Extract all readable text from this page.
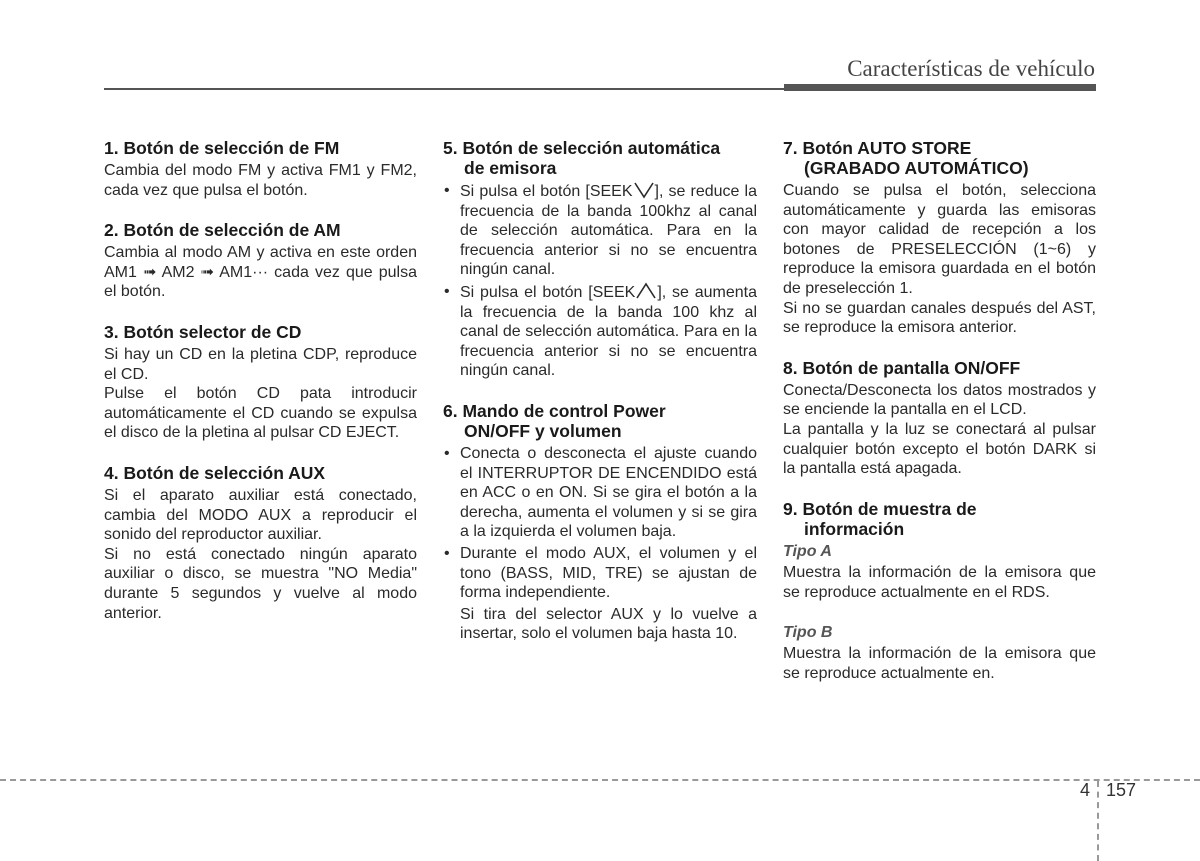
Características de vehículo
1. Botón de selección de FM

Cambia del modo FM y activa FM1 y FM2, cada vez que pulsa el botón.

2. Botón de selección de AM

Cambia al modo AM y activa en este orden AM1 ➟ AM2 ➟ AM1··· cada vez que pulsa el botón.

3. Botón selector de CD

Si hay un CD en la pletina CDP, reproduce el CD.

Pulse el botón CD pata introducir automáticamente el CD cuando se expulsa el disco de la pletina al pulsar CD EJECT.

4. Botón de selección AUX

Si el aparato auxiliar está conectado, cambia del MODO AUX a reproducir el sonido del reproductor auxiliar.

Si no está conectado ningún aparato auxiliar o disco, se muestra "NO Media" durante 5 segundos y vuelve al modo anterior.

5. Botón de selección automática
de emisora
• Si pulsa el botón [SEEK ], se reduce la frecuencia de la banda 100khz al canal de selección automática. Para en la frecuencia anterior si no se encuentra ningún canal.
• Si pulsa el botón [SEEK ], se aumenta la frecuencia de la banda 100 khz al canal de selección automática. Para en la frecuencia anterior si no se encuentra ningún canal.
6. Mando de control Power
ON/OFF y volumen
• Conecta o desconecta el ajuste cuando el INTERRUPTOR DE ENCENDIDO está en ACC o en ON. Si se gira el botón a la derecha, aumenta el volumen y si se gira a la izquierda el volumen baja.
• Durante el modo AUX, el volumen y el tono (BASS, MID, TRE) se ajustan de forma independiente.

Si tira del selector AUX y lo vuelve a insertar, solo el volumen baja hasta 10.

7. Botón AUTO STORE
(GRABADO AUTOMÁTICO)

Cuando se pulsa el botón, selecciona automáticamente y guarda las emisoras con mayor calidad de recepción a los botones de PRESELECCIÓN (1~6) y reproduce la emisora guardada en el botón de preselección 1.

Si no se guardan canales después del AST, se reproduce la emisora anterior.

8. Botón de pantalla ON/OFF

Conecta/Desconecta los datos mostrados y se enciende la pantalla en el LCD.

La pantalla y la luz se conectará al pulsar cualquier botón excepto el botón DARK si la pantalla está apagada.

9. Botón de muestra de
información
Tipo A

Muestra la información de la emisora que se reproduce actualmente en el RDS.

Tipo B

Muestra la información de la emisora que se reproduce actualmente en.

4 157
